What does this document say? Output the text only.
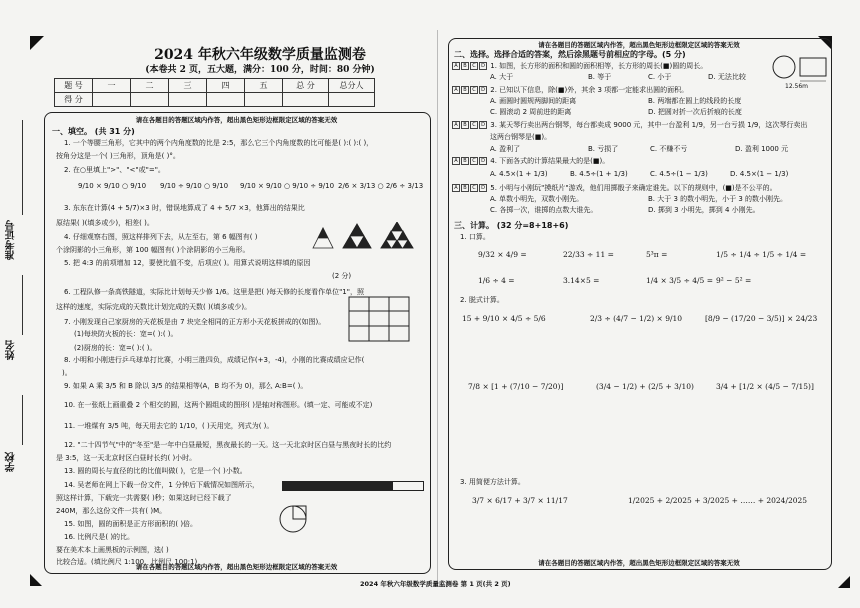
准考证号
姓名
学校
2024 年秋六年级数学质量监测卷
(本卷共 2 页，五大题，满分：100 分，时间：80 分钟)
题 号	一	二	三	四	五	总 分	总分人
得 分							
请在各题目的答题区域内作答，超出黑色矩形边框限定区域的答案无效
一、填空。 (共 31 分)
1. 一个等腰三角形，它其中的两个内角度数的比是 2:5，那么它三个内角度数的比可能是( ):( ):( )，
按角分这是一个( )三角形，顶角是( )°。
2. 在○里填上">"、"<"或"="。
9/10 × 9/10 ○ 9/10 9/10 ÷ 9/10 ○ 9/10 9/10 × 9/10 ○ 9/10 ÷ 9/10 2/6 × 3/13 ○ 2/6 ÷ 3/13
3. 东东在计算(4 + 5/7)×3 时，错误地算成了 4 + 5/7 ×3，他算出的结果比
原结果( )(填多或少)，相差( )。
4. 仔细观察右图，照这样排列下去，从左至右，第 6 幅图有( )
个涂阴影的小三角形，第 100 幅图有( )个涂阴影的小三角形。
5. 把 4:3 的前项增加 12，要使比值不变，后项应( )。用算式说明这样填的原因
(2 分)
6. 工程队修一条高铁隧道，实际比计划每天少修 1/6。这里是把( )每天修的长度看作单位"1"，照
这样的速度，实际完成的天数比计划完成的天数( )(填多或少)。
7. 小刚发现自己家厨房的天花板是由 7 块完全相同的正方形小天花板拼成的(如图)。
(1)每块防火板的长：宽=( ):( )。
(2)厨房的长：宽=( ):( )。
8. 小明和小刚进行乒乓球单打比赛，小明三胜四负，成绩记作(+3，-4)，小刚的比赛成绩应记作(
)。
9. 如果 A 乘 3/5 和 B 除以 3/5 的结果相等(A，B 均不为 0)，那么 A:B=( )。
10. 在一张纸上画重叠 2 个相交的圆，这两个圆组成的图形( )是轴对称图形。(填一定、可能或不定)
11. 一堆煤有 3/5 吨，每天用去它的 1/10，( )天用完，列式为( )。
12. "二十四节气"中的"冬至"是一年中白昼最短，黑夜最长的一天。这一天北京时区白昼与黑夜时长的比约
是 3:5，这一天北京时区白昼时长约( )小时。
13. 圆的周长与直径的比的比值叫做( )，它是一个( )小数。
14. 吴老师在网上下载一份文件，1 分钟后下载情况如图所示，
照这样计算，下载完一共需要( )秒；如果这时已经下载了
240M，那么这份文件一共有( )M。
15. 如图，圆的面积是正方形面积的( )倍。
16. 比例尺是( )的比。
要在美术本上画黑板的示例图，选( )
比较合适。(填比例尺 1:100，比例尺 100:1)
请在各题目的答题区域内作答，超出黑色矩形边框限定区域的答案无效
请在各题目的答题区域内作答，超出黑色矩形边框限定区域的答案无效
二、选择。选择合适的答案，然后涂黑题号前相应的字母。(5 分)
A B C D 1. 如图，长方形的面积和圆的面积相等，长方形的周长(■)圆的周长。
A. 大于	B. 等于	C. 小于	D. 无法比较
12.56m
A B C D 2. 已知以下信息，除(■)外，其余 3 项都一定能求出圆的面积。
A. 画圆时圆规两脚间的距离	B. 两端都在圆上的线段的长度
C. 圆滚动 2 周前进的距离	D. 把圆对折一次后折痕的长度
A B C D 3. 某天琴行卖出两台钢琴，每台都卖成 9000 元，其中一台盈利 1/9，另一台亏损 1/9，这次琴行卖出
这两台钢琴是(■)。
A. 盈利了	B. 亏损了	C. 不赚不亏	D. 盈利 1000 元
A B C D 4. 下面各式的计算结果最大的是(■)。
A. 4.5×(1 + 1/3)	B. 4.5÷(1 + 1/3)	C. 4.5÷(1 − 1/3)	D. 4.5×(1 − 1/3)
A B C D 5. 小明与小刚玩"摸纸片"游戏，他们用掷骰子来确定谁先。以下的规则中，(■)是不公平的。
A. 单数小明先，双数小刚先。	B. 大于 3 的数小明先，小于 3 的数小刚先。
C. 各掷一次，谁掷的点数大谁先。	D. 掷到 3 小明先，掷到 4 小刚先。
三、计算。 (32 分=8+18+6)
1. 口算。
9/32 × 4/9 =	22/33 ÷ 11 =	5³π =	1/5 ÷ 1/4 ÷ 1/5 ÷ 1/4 =
1/6 ÷ 4 =	3.14×5 =	1/4 × 3/5 ÷ 4/5 = 9² − 5² =
2. 脱式计算。
15 + 9/10 × 4/5 ÷ 5/6	2/3 ÷ (4/7 − 1/2) × 9/10	[8/9 − (17/20 − 3/5)] × 24/23
7/8 × [1 + (7/10 − 7/20)]	(3/4 − 1/2) + (2/5 + 3/10)	3/4 + [1/2 × (4/5 − 7/15)]
3. 用简便方法计算。
3/7 × 6/17 + 3/7 × 11/17	1/2025 + 2/2025 + 3/2025 + …… + 2024/2025
请在各题目的答题区域内作答，超出黑色矩形边框限定区域的答案无效
2024 年秋六年级数学质量监测卷 第 1 页(共 2 页)
